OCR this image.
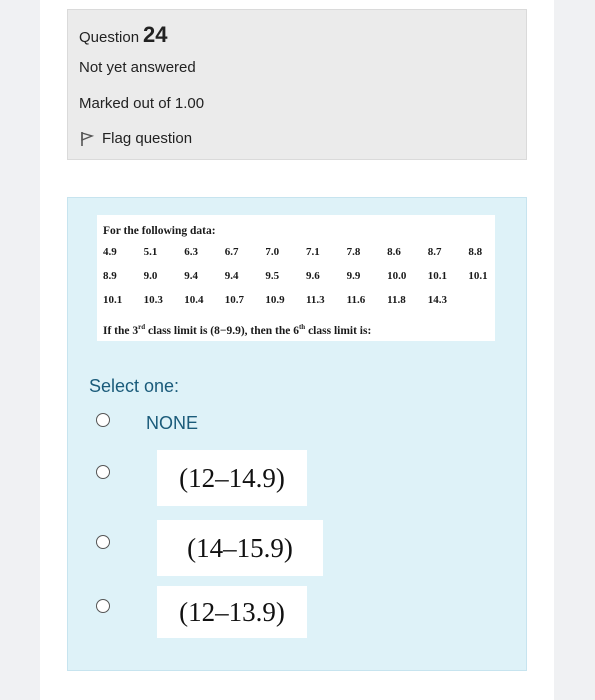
Question 24
Not yet answered
Marked out of 1.00
Flag question
For the following data:
4.9	5.1	6.3	6.7	7.0	7.1	7.8	8.6	8.7	8.8
8.9	9.0	9.4	9.4	9.5	9.6	9.9	10.0	10.1	10.1
10.1	10.3	10.4	10.7	10.9	11.3	11.6	11.8	14.3
If the 3rd class limit is (8−9.9), then the 6th class limit is:
Select one:
NONE
(12–14.9)
(14–15.9)
(12–13.9)
